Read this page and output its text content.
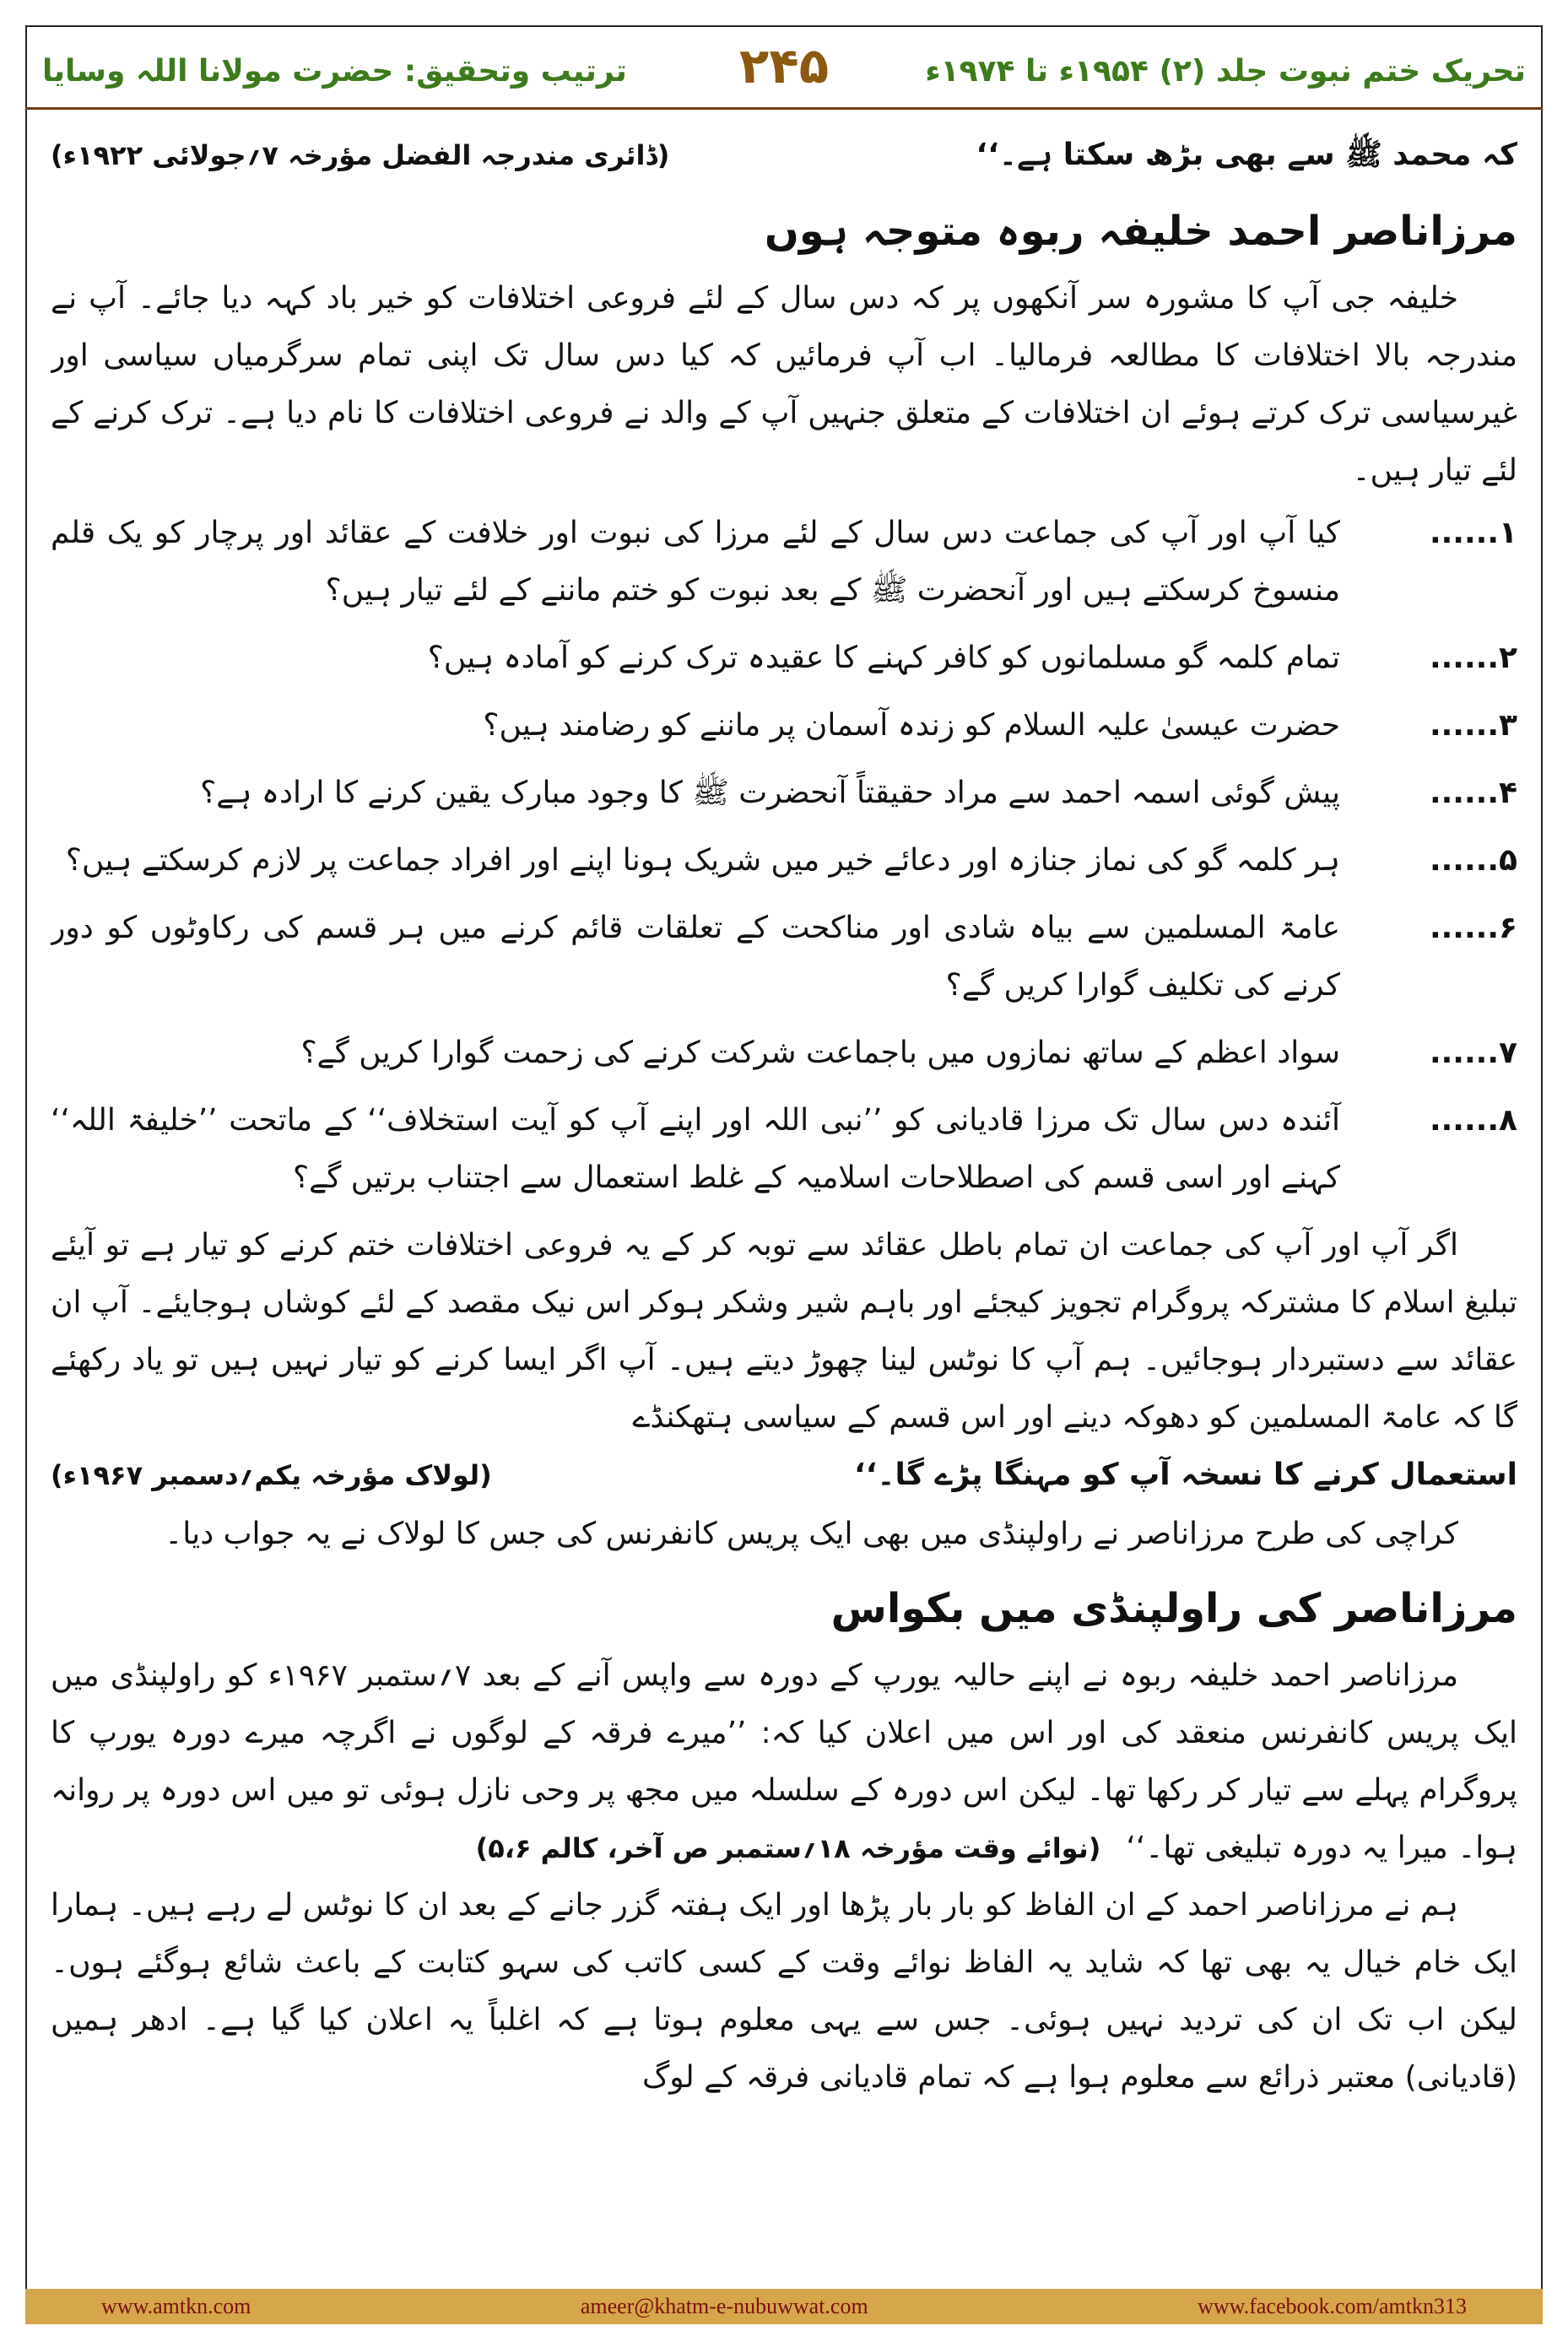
ترتیب وتحقیق: حضرت مولانا اللہ وسایا	۲۴۵	تحریک ختم نبوت جلد (۲) ۱۹۵۴ء تا ۱۹۷۴ء
کہ محمد ﷺ سے بھی بڑھ سکتا ہے۔‘‘
(ڈائری مندرجہ الفضل مؤرخہ ۷؍جولائی ۱۹۲۲ء)
مرزاناصر احمد خلیفہ ربوہ متوجہ ہوں

خلیفہ جی آپ کا مشورہ سر آنکھوں پر کہ دس سال کے لئے فروعی اختلافات کو خیر باد کہہ دیا جائے۔ آپ نے مندرجہ بالا اختلافات کا مطالعہ فرمالیا۔ اب آپ فرمائیں کہ کیا دس سال تک اپنی تمام سرگرمیاں سیاسی اور غیرسیاسی ترک کرتے ہوئے ان اختلافات کے متعلق جنہیں آپ کے والد نے فروعی اختلافات کا نام دیا ہے۔ ترک کرنے کے لئے تیار ہیں۔

۱......
کیا آپ اور آپ کی جماعت دس سال کے لئے مرزا کی نبوت اور خلافت کے عقائد اور پرچار کو یک قلم منسوخ کرسکتے ہیں اور آنحضرت ﷺ کے بعد نبوت کو ختم ماننے کے لئے تیار ہیں؟
۲......
تمام کلمہ گو مسلمانوں کو کافر کہنے کا عقیدہ ترک کرنے کو آمادہ ہیں؟
۳......
حضرت عیسیٰ علیہ السلام کو زندہ آسمان پر ماننے کو رضامند ہیں؟
۴......
پیش گوئی اسمہ احمد سے مراد حقیقتاً آنحضرت ﷺ کا وجود مبارک یقین کرنے کا ارادہ ہے؟
۵......
ہر کلمہ گو کی نماز جنازہ اور دعائے خیر میں شریک ہونا اپنے اور افراد جماعت پر لازم کرسکتے ہیں؟
۶......
عامۃ المسلمین سے بیاہ شادی اور مناکحت کے تعلقات قائم کرنے میں ہر قسم کی رکاوٹوں کو دور کرنے کی تکلیف گوارا کریں گے؟
۷......
سواد اعظم کے ساتھ نمازوں میں باجماعت شرکت کرنے کی زحمت گوارا کریں گے؟
۸......
آئندہ دس سال تک مرزا قادیانی کو ’’نبی اللہ اور اپنے آپ کو آیت استخلاف‘‘ کے ماتحت ’’خلیفۃ اللہ‘‘ کہنے اور اسی قسم کی اصطلاحات اسلامیہ کے غلط استعمال سے اجتناب برتیں گے؟

اگر آپ اور آپ کی جماعت ان تمام باطل عقائد سے توبہ کر کے یہ فروعی اختلافات ختم کرنے کو تیار ہے تو آیئے تبلیغ اسلام کا مشترکہ پروگرام تجویز کیجئے اور باہم شیر وشکر ہوکر اس نیک مقصد کے لئے کوشاں ہوجایئے۔ آپ ان عقائد سے دستبردار ہوجائیں۔ ہم آپ کا نوٹس لینا چھوڑ دیتے ہیں۔ آپ اگر ایسا کرنے کو تیار نہیں ہیں تو یاد رکھئے گا کہ عامۃ المسلمین کو دھوکہ دینے اور اس قسم کے سیاسی ہتھکنڈے

استعمال کرنے کا نسخہ آپ کو مہنگا پڑے گا۔‘‘
(لولاک مؤرخہ یکم؍دسمبر ۱۹۶۷ء)

کراچی کی طرح مرزاناصر نے راولپنڈی میں بھی ایک پریس کانفرنس کی جس کا لولاک نے یہ جواب دیا۔

مرزاناصر کی راولپنڈی میں بکواس

مرزاناصر احمد خلیفہ ربوہ نے اپنے حالیہ یورپ کے دورہ سے واپس آنے کے بعد ۷؍ستمبر ۱۹۶۷ء کو راولپنڈی میں ایک پریس کانفرنس منعقد کی اور اس میں اعلان کیا کہ: ’’میرے فرقہ کے لوگوں نے اگرچہ میرے دورہ یورپ کا پروگرام پہلے سے تیار کر رکھا تھا۔ لیکن اس دورہ کے سلسلہ میں مجھ پر وحی نازل ہوئی تو میں اس دورہ پر روانہ ہوا۔ میرا یہ دورہ تبلیغی تھا۔‘‘(نوائے وقت مؤرخہ ۱۸؍ستمبر ص آخر، کالم ۵،۶)

ہم نے مرزاناصر احمد کے ان الفاظ کو بار بار پڑھا اور ایک ہفتہ گزر جانے کے بعد ان کا نوٹس لے رہے ہیں۔ ہمارا ایک خام خیال یہ بھی تھا کہ شاید یہ الفاظ نوائے وقت کے کسی کاتب کی سہو کتابت کے باعث شائع ہوگئے ہوں۔ لیکن اب تک ان کی تردید نہیں ہوئی۔ جس سے یہی معلوم ہوتا ہے کہ اغلباً یہ اعلان کیا گیا ہے۔ ادھر ہمیں (قادیانی) معتبر ذرائع سے معلوم ہوا ہے کہ تمام قادیانی فرقہ کے لوگ

www.amtkn.com	ameer@khatm-e-nubuwwat.com	www.facebook.com/amtkn313
